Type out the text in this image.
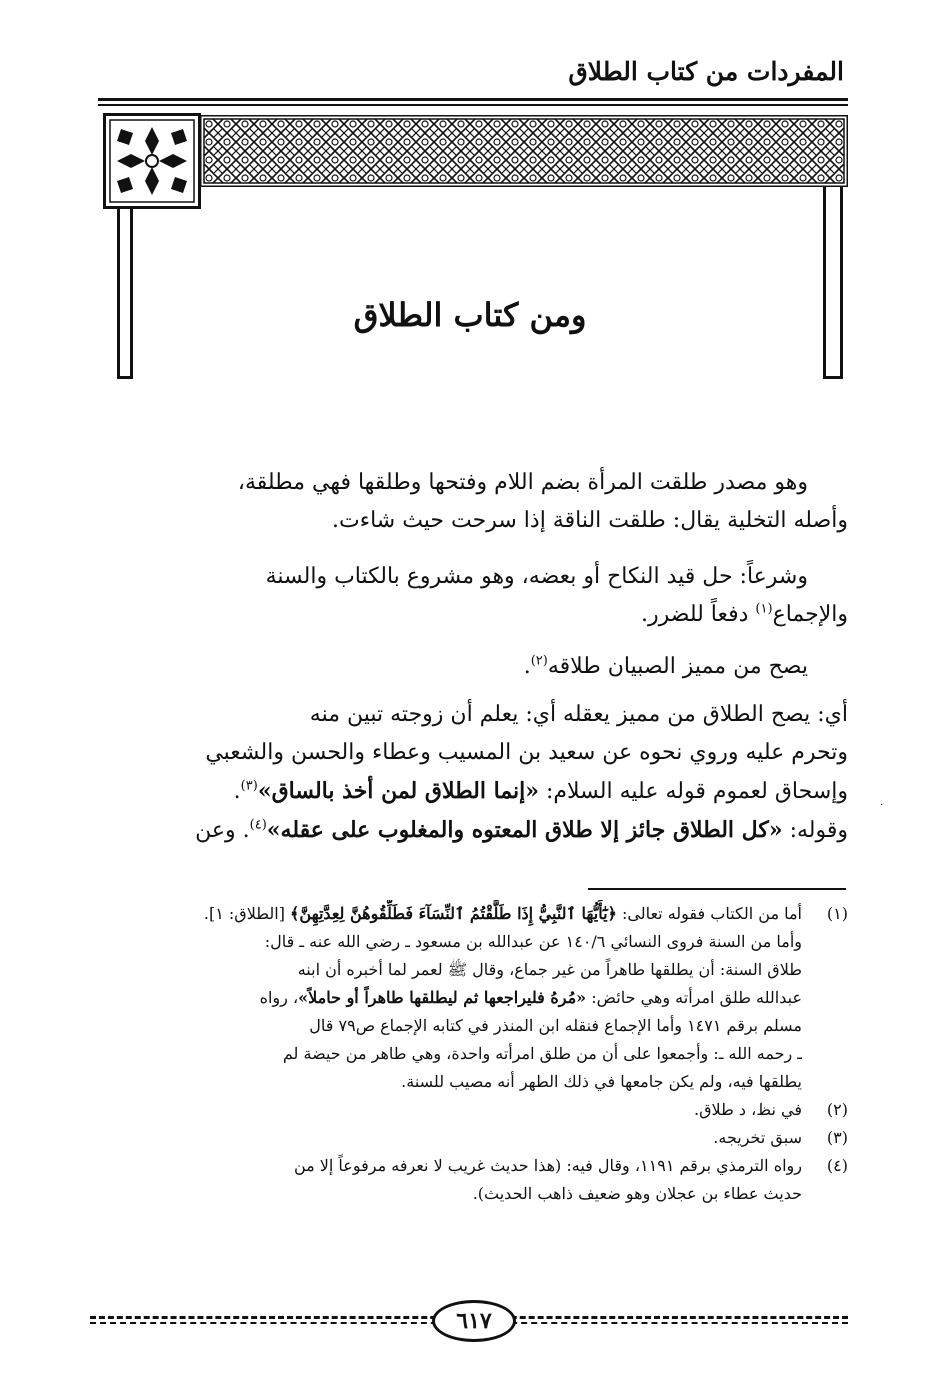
المفردات من كتاب الطلاق
ومن كتاب الطلاق
وهو مصدر طلقت المرأة بضم اللام وفتحها وطلقها فهي مطلقة،
وأصله التخلية يقال: طلقت الناقة إذا سرحت حيث شاءت.
وشرعاً: حل قيد النكاح أو بعضه، وهو مشروع بالكتاب والسنة
والإجماع$^{(١)}$ دفعاً للضرر.
يصح من مميز الصبيان طلاقه$^{(٢)}$.
أي: يصح الطلاق من مميز يعقله أي: يعلم أن زوجته تبين منه
وتحرم عليه وروي نحوه عن سعيد بن المسيب وعطاء والحسن والشعبي
وإسحاق لعموم قوله عليه السلام: «إنما الطلاق لمن أخذ بالساق»$^{(٣)}$.
وقوله: «كل الطلاق جائز إلا طلاق المعتوه والمغلوب على عقله»$^{(٤)}$. وعن
·
(١)
أما من الكتاب فقوله تعالى: ﴿يَٰٓأَيُّهَا ٱلنَّبِيُّ إِذَا طَلَّقْتُمُ ٱلنِّسَآءَ فَطَلِّقُوهُنَّ لِعِدَّتِهِنَّ﴾ [الطلاق: ١].
وأما من السنة فروى النسائي ١٤٠/٦ عن عبدالله بن مسعود ـ رضي الله عنه ـ قال:
طلاق السنة: أن يطلقها طاهراً من غير جماع، وقال ﷺ لعمر لما أخبره أن ابنه
عبدالله طلق امرأته وهي حائض: «مُرهُ فليراجعها ثم ليطلقها طاهراً أو حاملاً»، رواه
مسلم برقم ١٤٧١ وأما الإجماع فنقله ابن المنذر في كتابه الإجماع ص٧٩ قال
ـ رحمه الله ـ: وأجمعوا على أن من طلق امرأته واحدة، وهي طاهر من حيضة لم
يطلقها فيه، ولم يكن جامعها في ذلك الطهر أنه مصيب للسنة.
(٢)
في نظ، د طلاق.
(٣)
سبق تخريجه.
(٤)
رواه الترمذي برقم ١١٩١، وقال فيه: (هذا حديث غريب لا نعرفه مرفوعاً إلا من
حديث عطاء بن عجلان وهو ضعيف ذاهب الحديث).
٦١٧
